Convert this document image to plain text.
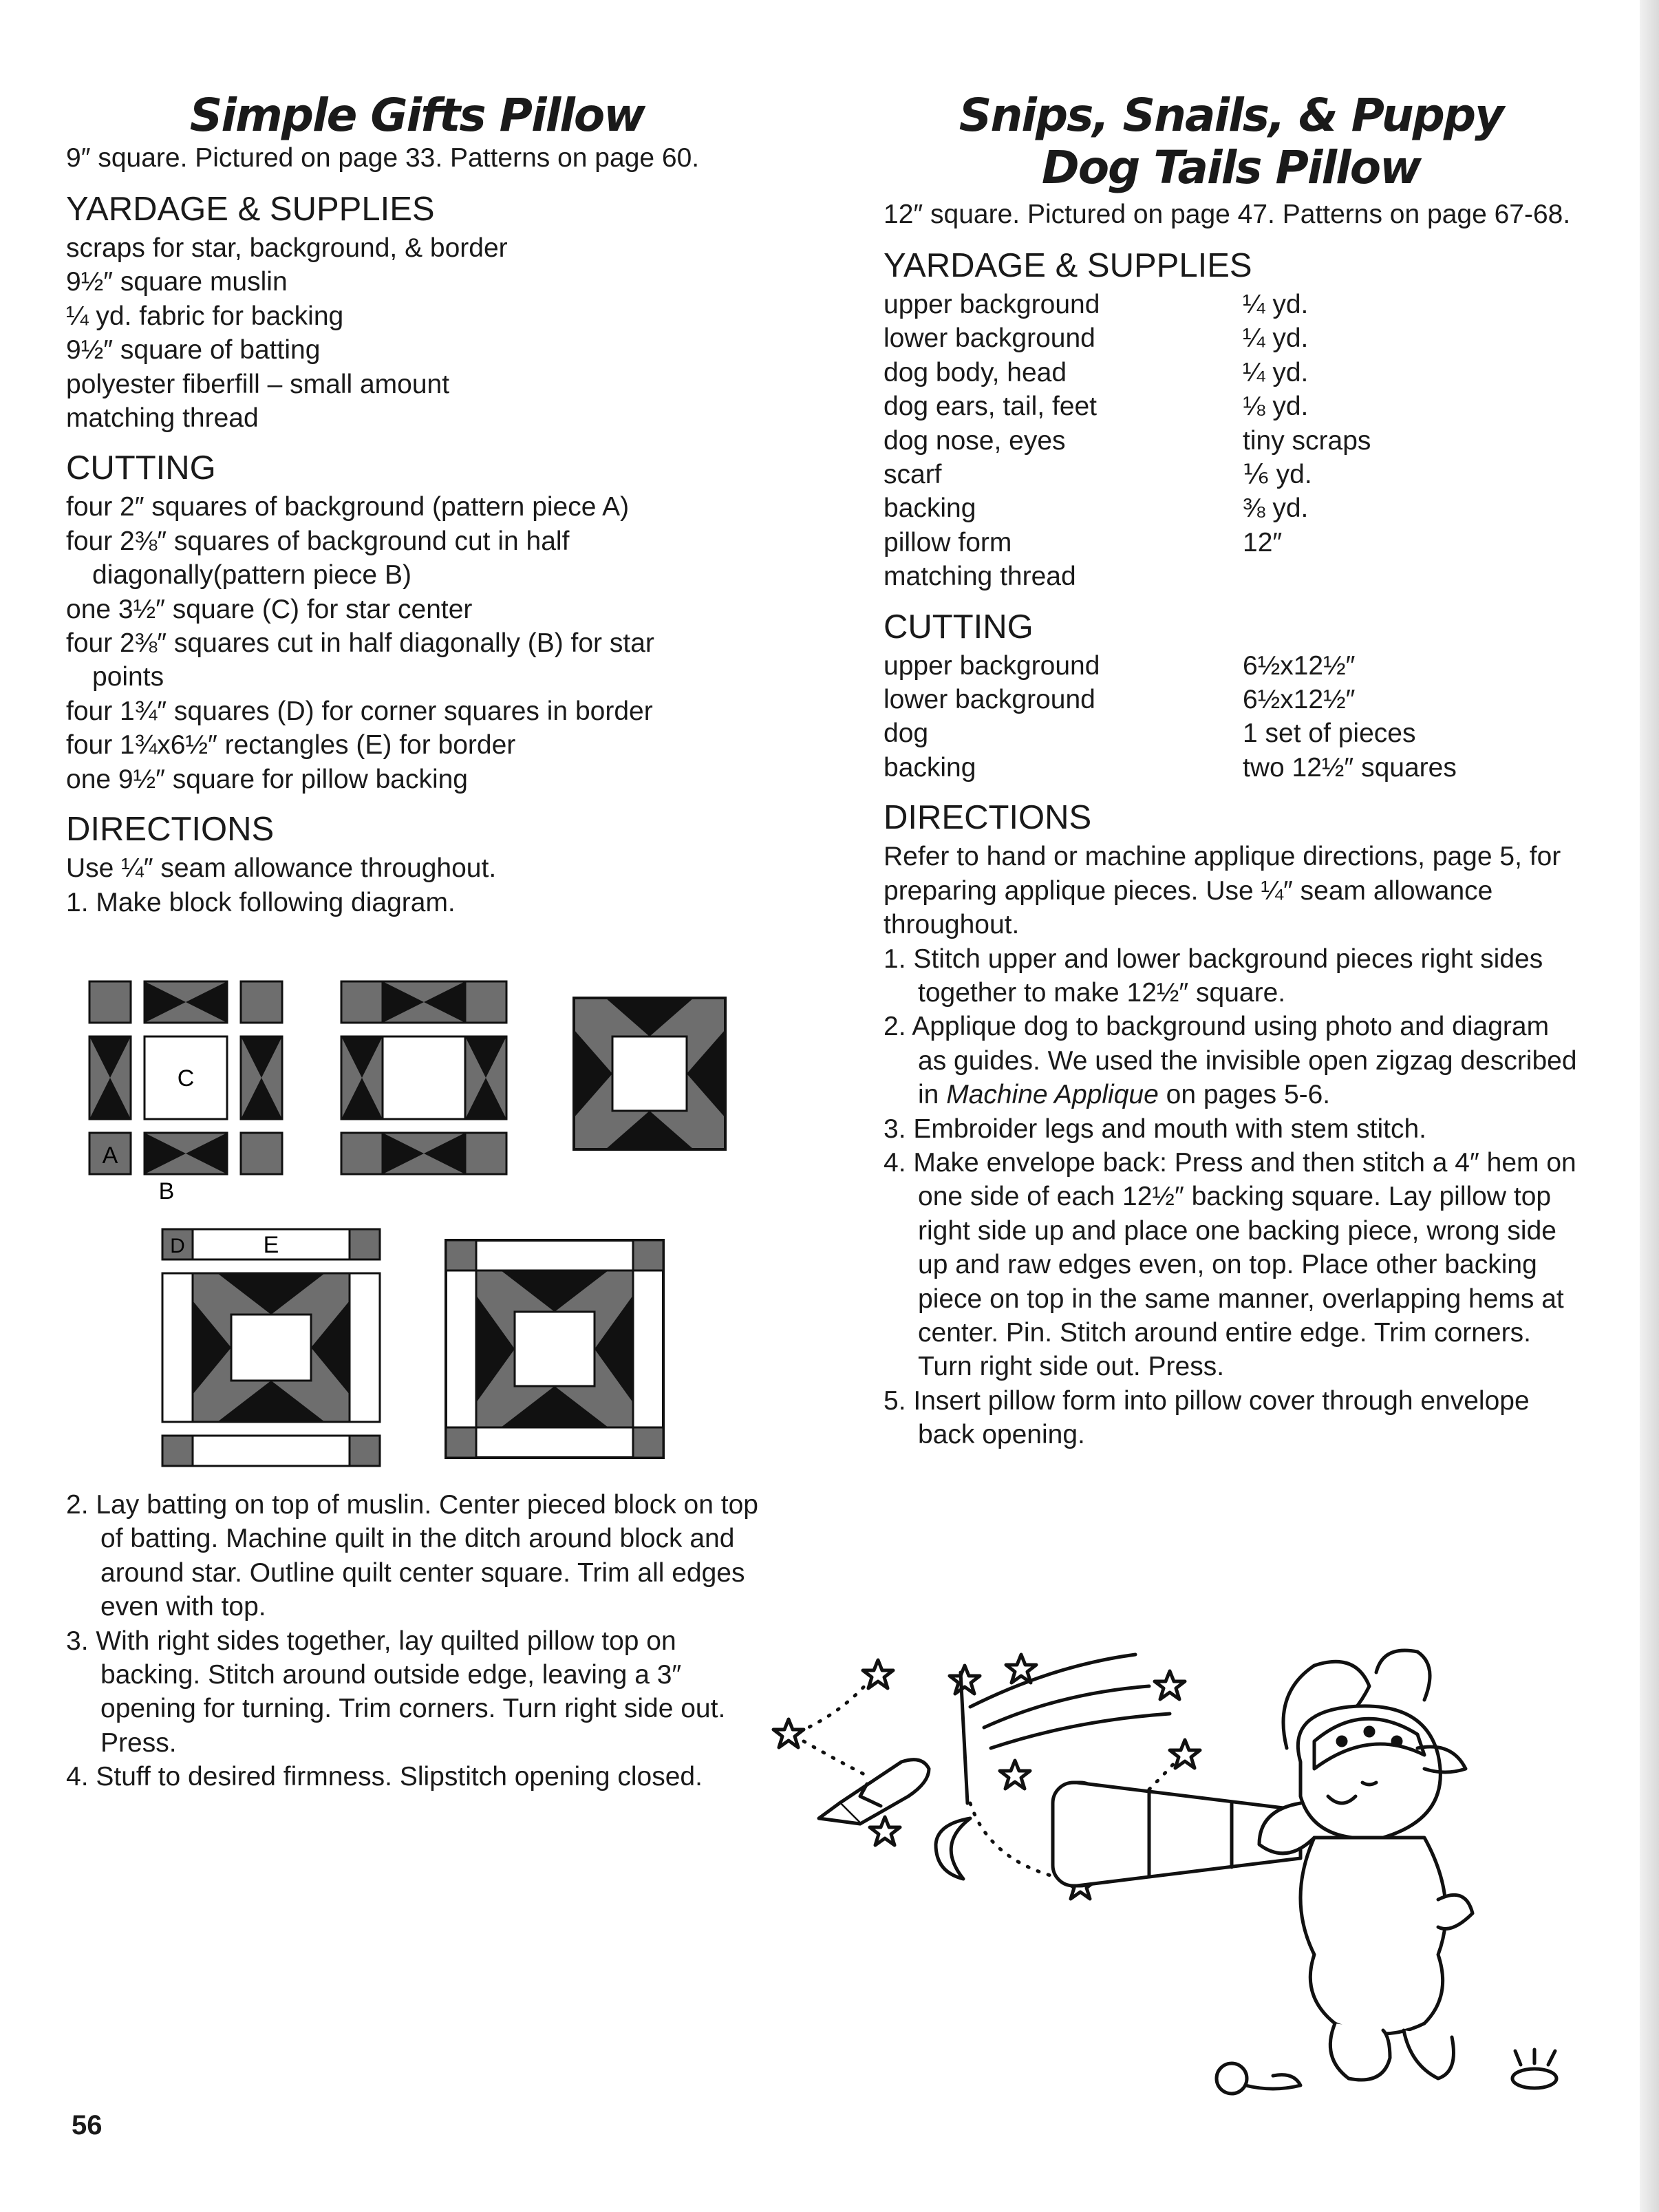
Simple Gifts Pillow

9″ square. Pictured on page 33. Patterns on page 60.

YARDAGE & SUPPLIES
scraps for star, background, & border
9½″ square muslin
¼ yd. fabric for backing
9½″ square of batting
polyester fiberfill – small amount
matching thread
CUTTING
four 2″ squares of background (pattern piece A)
four 2⅜″ squares of background cut in half
diagonally(pattern piece B)
one 3½″ square (C) for star center
four 2⅜″ squares cut in half diagonally (B) for star
points
four 1¾″ squares (D) for corner squares in border
four 1¾x6½″ rectangles (E) for border
one 9½″ square for pillow backing
DIRECTIONS
Use ¼″ seam allowance throughout.
1. Make block following diagram.
C
A
B
D	E
2. Lay batting on top of muslin. Center pieced block on top of batting. Machine quilt in the ditch around block and around star. Outline quilt center square. Trim all edges even with top.
3. With right sides together, lay quilted pillow top on backing. Stitch around outside edge, leaving a 3″ opening for turning. Trim corners. Turn right side out. Press.
4. Stuff to desired firmness. Slipstitch opening closed.
Snips, Snails, & Puppy
Dog Tails Pillow

12″ square. Pictured on page 47. Patterns on page 67-68.

YARDAGE & SUPPLIES
upper background	¼ yd.
lower background	¼ yd.
dog body, head	¼ yd.
dog ears, tail, feet	⅛ yd.
dog nose, eyes	tiny scraps
scarf	⅙ yd.
backing	⅜ yd.
pillow form	12″
matching thread
CUTTING
upper background	6½x12½″
lower background	6½x12½″
dog	1 set of pieces
backing	two 12½″ squares
DIRECTIONS
Refer to hand or machine applique directions, page 5, for preparing applique pieces. Use ¼″ seam allowance throughout.
1. Stitch upper and lower background pieces right sides together to make 12½″ square.
2. Applique dog to background using photo and diagram as guides. We used the invisible open zigzag described in Machine Applique on pages 5-6.
3. Embroider legs and mouth with stem stitch.
4. Make envelope back: Press and then stitch a 4″ hem on one side of each 12½″ backing square. Lay pillow top right side up and place one backing piece, wrong side up and raw edges even, on top. Place other backing piece on top in the same manner, overlapping hems at center. Pin. Stitch around entire edge. Trim corners. Turn right side out. Press.
5. Insert pillow form into pillow cover through envelope back opening.
56
